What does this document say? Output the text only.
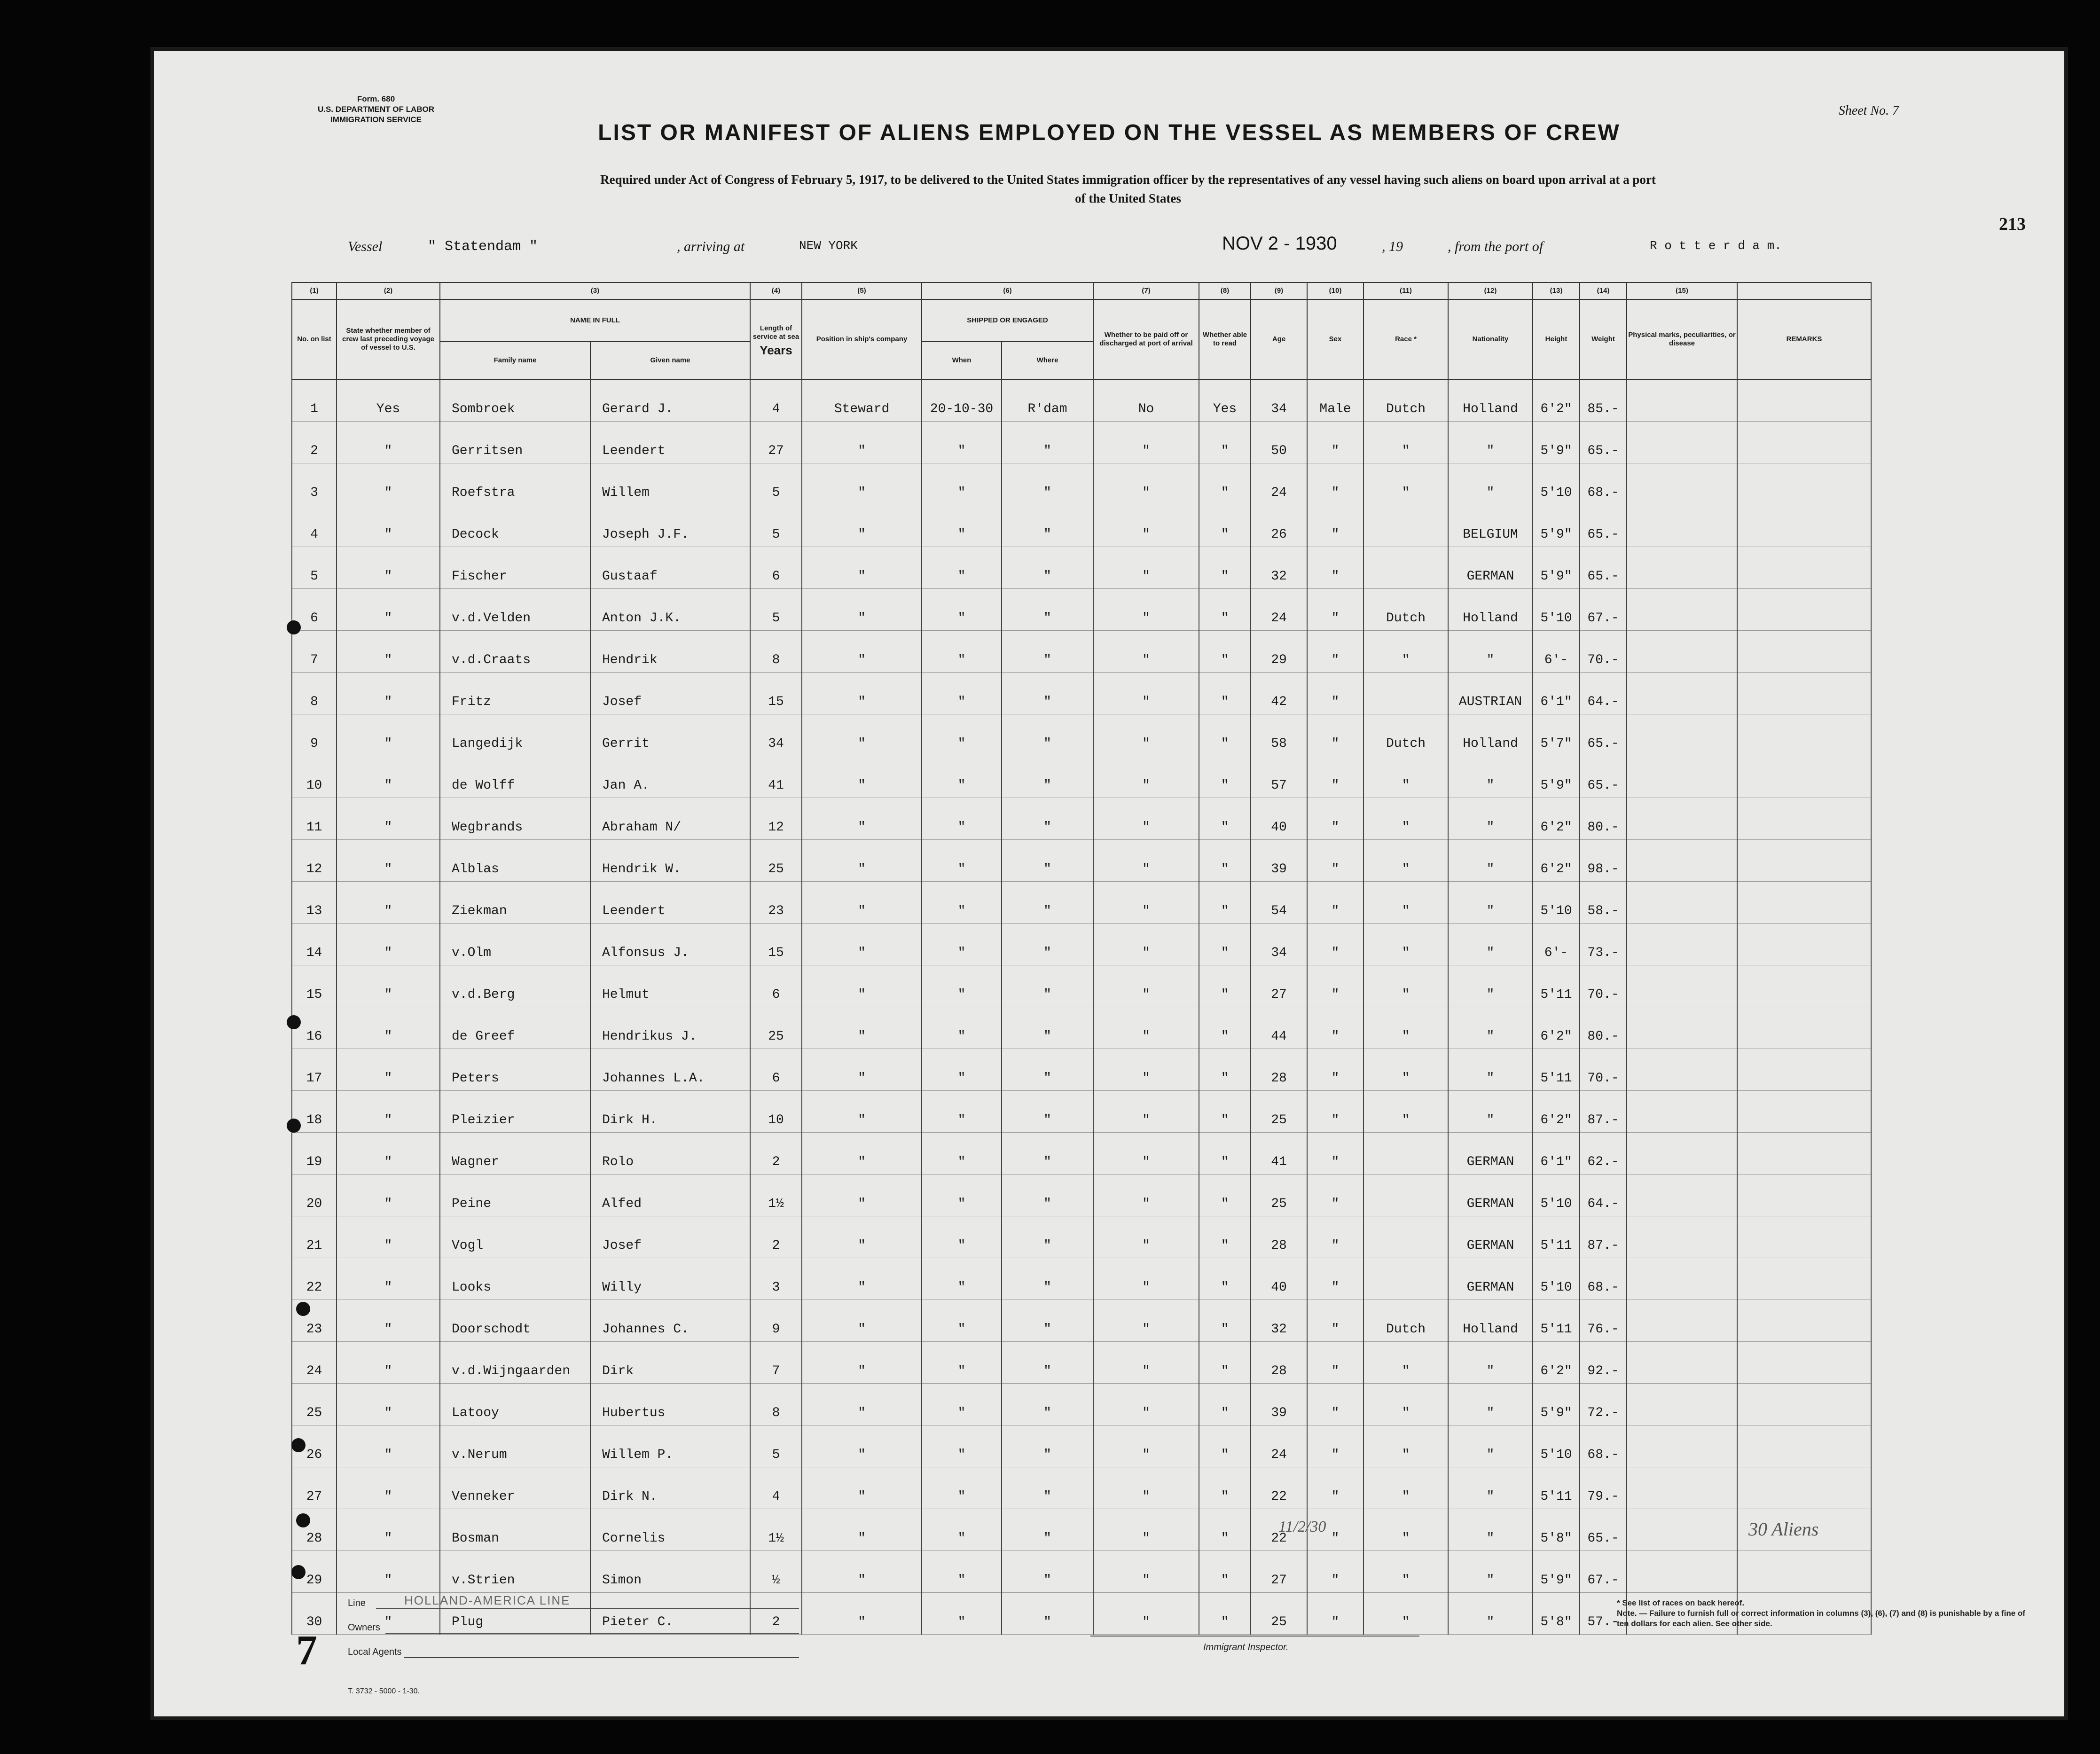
Form. 680
U.S. DEPARTMENT OF LABOR
IMMIGRATION SERVICE
Sheet No. 7
LIST OR MANIFEST OF ALIENS EMPLOYED ON THE VESSEL AS MEMBERS OF CREW
Required under Act of Congress of February 5, 1917, to be delivered to the United States immigration officer by the representatives of any vessel having such aliens on board upon arrival at a port
of the United States
213
Vessel	" Statendam "	, arriving at	NEW YORK	NOV 2 - 1930	, 19	, from the port of	R o t t e r d a m.
(1)	(2)	(3)		(4)	(5)	(6)		(7)	(8)	(9)	(10)	(11)	(12)	(13)	(14)	(15)	
No. on list	State whether member of crew last preceding voyage of vessel to U.S.	NAME IN FULL		Length of service at sea
Years	Position in ship's company	SHIPPED OR ENGAGED		Whether to be paid off or discharged at port of arrival	Whether able to read	Age	Sex	Race *	Nationality	Height	Weight	Physical marks, peculiarities, or disease	REMARKS
		Family name	Given name			When	Where										
1	Yes	Sombroek	Gerard J.	4	Steward	20-10-30	R'dam	No	Yes	34	Male	Dutch	Holland	6'2"	85.-		
2	"	Gerritsen	Leendert	27	"	"	"	"	"	50	"	"	"	5'9"	65.-		
3	"	Roefstra	Willem	5	"	"	"	"	"	24	"	"	"	5'10	68.-		
4	"	Decock	Joseph J.F.	5	"	"	"	"	"	26	"		BELGIUM	5'9"	65.-		
5	"	Fischer	Gustaaf	6	"	"	"	"	"	32	"		GERMAN	5'9"	65.-		
6	"	v.d.Velden	Anton J.K.	5	"	"	"	"	"	24	"	Dutch	Holland	5'10	67.-		
7	"	v.d.Craats	Hendrik	8	"	"	"	"	"	29	"	"	"	6'-	70.-		
8	"	Fritz	Josef	15	"	"	"	"	"	42	"		AUSTRIAN	6'1"	64.-		
9	"	Langedijk	Gerrit	34	"	"	"	"	"	58	"	Dutch	Holland	5'7"	65.-		
10	"	de Wolff	Jan A.	41	"	"	"	"	"	57	"	"	"	5'9"	65.-		
11	"	Wegbrands	Abraham N/	12	"	"	"	"	"	40	"	"	"	6'2"	80.-		
12	"	Alblas	Hendrik W.	25	"	"	"	"	"	39	"	"	"	6'2"	98.-		
13	"	Ziekman	Leendert	23	"	"	"	"	"	54	"	"	"	5'10	58.-		
14	"	v.Olm	Alfonsus J.	15	"	"	"	"	"	34	"	"	"	6'-	73.-		
15	"	v.d.Berg	Helmut	6	"	"	"	"	"	27	"	"	"	5'11	70.-		
16	"	de Greef	Hendrikus J.	25	"	"	"	"	"	44	"	"	"	6'2"	80.-		
17	"	Peters	Johannes L.A.	6	"	"	"	"	"	28	"	"	"	5'11	70.-		
18	"	Pleizier	Dirk H.	10	"	"	"	"	"	25	"	"	"	6'2"	87.-		
19	"	Wagner	Rolo	2	"	"	"	"	"	41	"		GERMAN	6'1"	62.-		
20	"	Peine	Alfed	1½	"	"	"	"	"	25	"		GERMAN	5'10	64.-		
21	"	Vogl	Josef	2	"	"	"	"	"	28	"		GERMAN	5'11	87.-		
22	"	Looks	Willy	3	"	"	"	"	"	40	"		GERMAN	5'10	68.-		
23	"	Doorschodt	Johannes C.	9	"	"	"	"	"	32	"	Dutch	Holland	5'11	76.-		
24	"	v.d.Wijngaarden	Dirk	7	"	"	"	"	"	28	"	"	"	6'2"	92.-		
25	"	Latooy	Hubertus	8	"	"	"	"	"	39	"	"	"	5'9"	72.-		
26	"	v.Nerum	Willem P.	5	"	"	"	"	"	24	"	"	"	5'10	68.-		
27	"	Venneker	Dirk N.	4	"	"	"	"	"	22	"	"	"	5'11	79.-		
28	"	Bosman	Cornelis	1½	"	"	"	"	"	22	"	"	"	5'8"	65.-		
29	"	v.Strien	Simon	½	"	"	"	"	"	27	"	"	"	5'9"	67.-		
30	"	Plug	Pieter C.	2	"	"	"	"	"	25	"	"	"	5'8"	57.-		
30 Aliens
Line	HOLLAND-AMERICA LINE
Owners
Local Agents	Immigrant Inspector.
11/2/30
* See list of races on back hereof.
Note. — Failure to furnish full or correct information in columns (3), (6), (7) and (8) is punishable by a fine of ten dollars for each alien. See other side.
T. 3732 - 5000 - 1-30.
7
